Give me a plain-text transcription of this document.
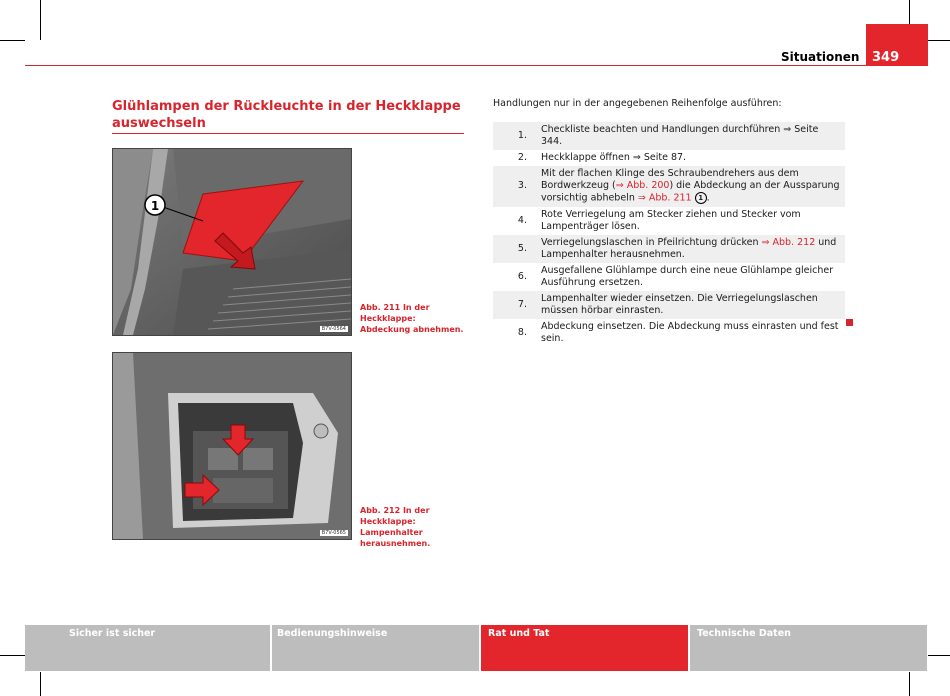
Situationen 349
Glühlampen der Rückleuchte in der Heckklappe auswechseln
1
B7V-0564
Abb. 211 In der Heckklappe: Abdeckung abnehmen.
B7V-0565
Abb. 212 In der Heckklappe: Lampenhalter herausnehmen.
Handlungen nur in der angegebenen Reihenfolge ausführen:
1.	Checkliste beachten und Handlungen durchführen ⇒ Seite 344.
2.	Heckklappe öffnen ⇒ Seite 87.
3.	Mit der flachen Klinge des Schraubendrehers aus dem Bordwerkzeug (⇒ Abb. 200) die Abdeckung an der Aussparung vorsichtig abhebeln ⇒ Abb. 211 1 .
4.	Rote Verriegelung am Stecker ziehen und Stecker vom Lampenträger lösen.
5.	Verriegelungslaschen in Pfeilrichtung drücken ⇒ Abb. 212 und Lampenhalter herausnehmen.
6.	Ausgefallene Glühlampe durch eine neue Glühlampe gleicher Ausführung ersetzen.
7.	Lampenhalter wieder einsetzen. Die Verriegelungslaschen müssen hörbar einrasten.
8.	Abdeckung einsetzen. Die Abdeckung muss einrasten und fest sein.
Sicher ist sicher	Bedienungshinweise	Rat und Tat	Technische Daten
